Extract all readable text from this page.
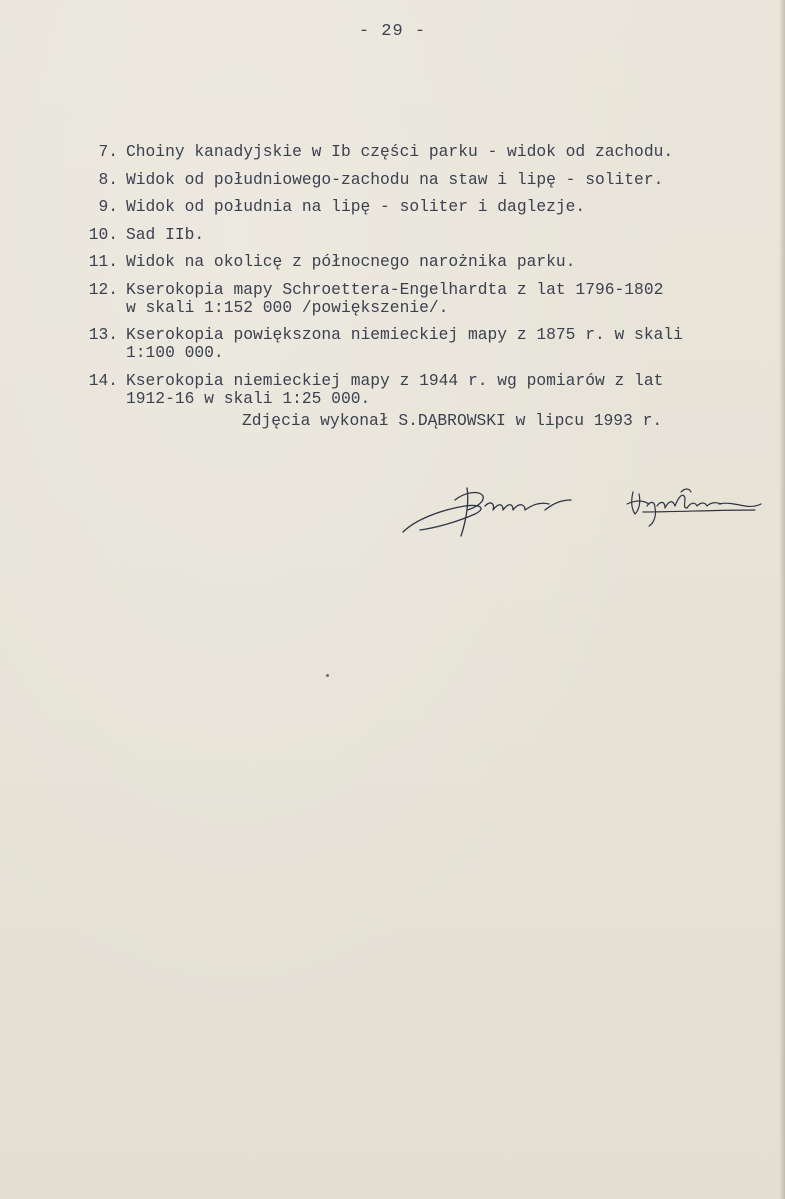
- 29 -
7. Choiny kanadyjskie w Ib części parku - widok od zachodu.
8. Widok od południowego-zachodu na staw i lipę - soliter.
9. Widok od południa na lipę - soliter i daglezje.
10. Sad IIb.
11. Widok na okolicę z północnego narożnika parku.
12. Kserokopia mapy Schroettera-Engelhardta z lat 1796-1802
w skali 1:152 000 /powiększenie/.
13. Kserokopia powiększona niemieckiej mapy z 1875 r. w skali
1:100 000.
14. Kserokopia niemieckiej mapy z 1944 r. wg pomiarów z lat
1912-16 w skali 1:25 000.
Zdjęcia wykonał S.DĄBROWSKI w lipcu 1993 r.
